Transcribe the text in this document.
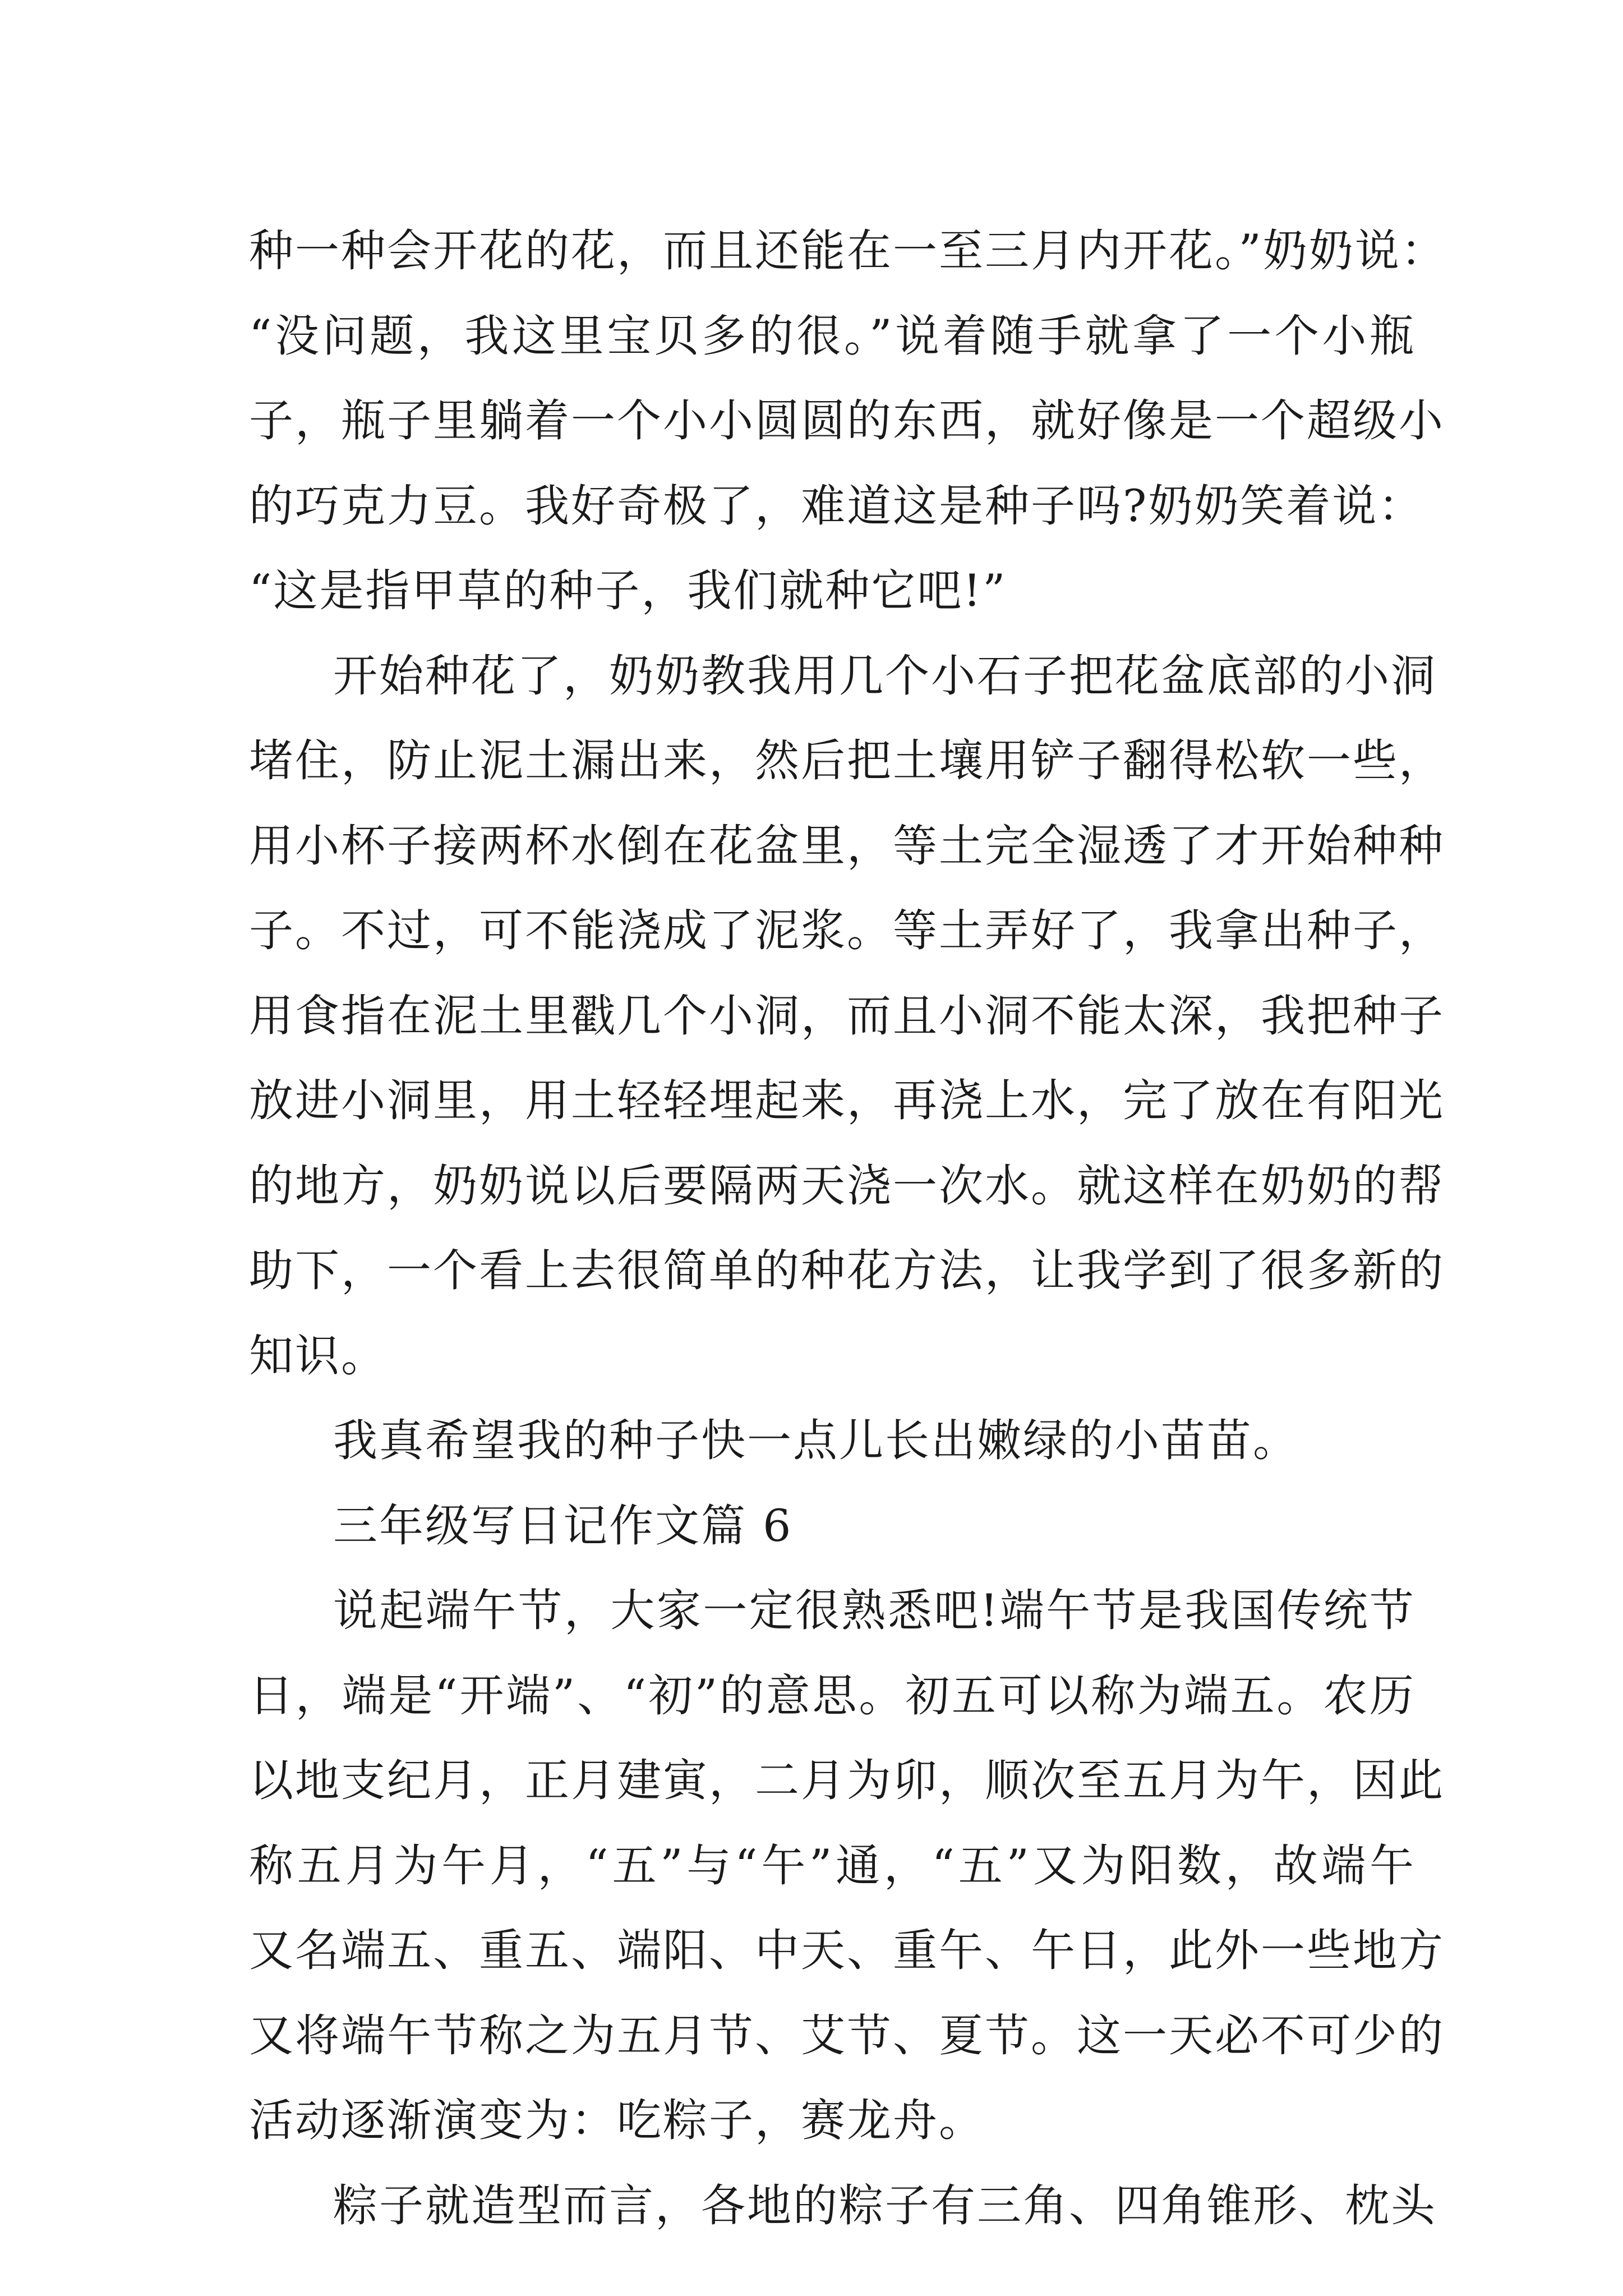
种一种会开花的花，而且还能在一至三月内开花。”奶奶说：
“没问题，我这里宝贝多的很。”说着随手就拿了一个小瓶
子，瓶子里躺着一个小小圆圆的东西，就好像是一个超级小
的巧克力豆。我好奇极了，难道这是种子吗?奶奶笑着说：
“这是指甲草的种子，我们就种它吧!”
开始种花了，奶奶教我用几个小石子把花盆底部的小洞
堵住，防止泥土漏出来，然后把土壤用铲子翻得松软一些，
用小杯子接两杯水倒在花盆里，等土完全湿透了才开始种种
子。不过，可不能浇成了泥浆。等土弄好了，我拿出种子，
用食指在泥土里戳几个小洞，而且小洞不能太深，我把种子
放进小洞里，用土轻轻埋起来，再浇上水，完了放在有阳光
的地方，奶奶说以后要隔两天浇一次水。就这样在奶奶的帮
助下，一个看上去很简单的种花方法，让我学到了很多新的
知识。
我真希望我的种子快一点儿长出嫩绿的小苗苗。
三年级写日记作文篇 6
说起端午节，大家一定很熟悉吧!端午节是我国传统节
日，端是“开端”、“初”的意思。初五可以称为端五。农历
以地支纪月，正月建寅，二月为卯，顺次至五月为午，因此
称五月为午月，“五”与“午”通，“五”又为阳数，故端午
又名端五、重五、端阳、中天、重午、午日，此外一些地方
又将端午节称之为五月节、艾节、夏节。这一天必不可少的
活动逐渐演变为：吃粽子，赛龙舟。
粽子就造型而言，各地的粽子有三角、四角锥形、枕头
